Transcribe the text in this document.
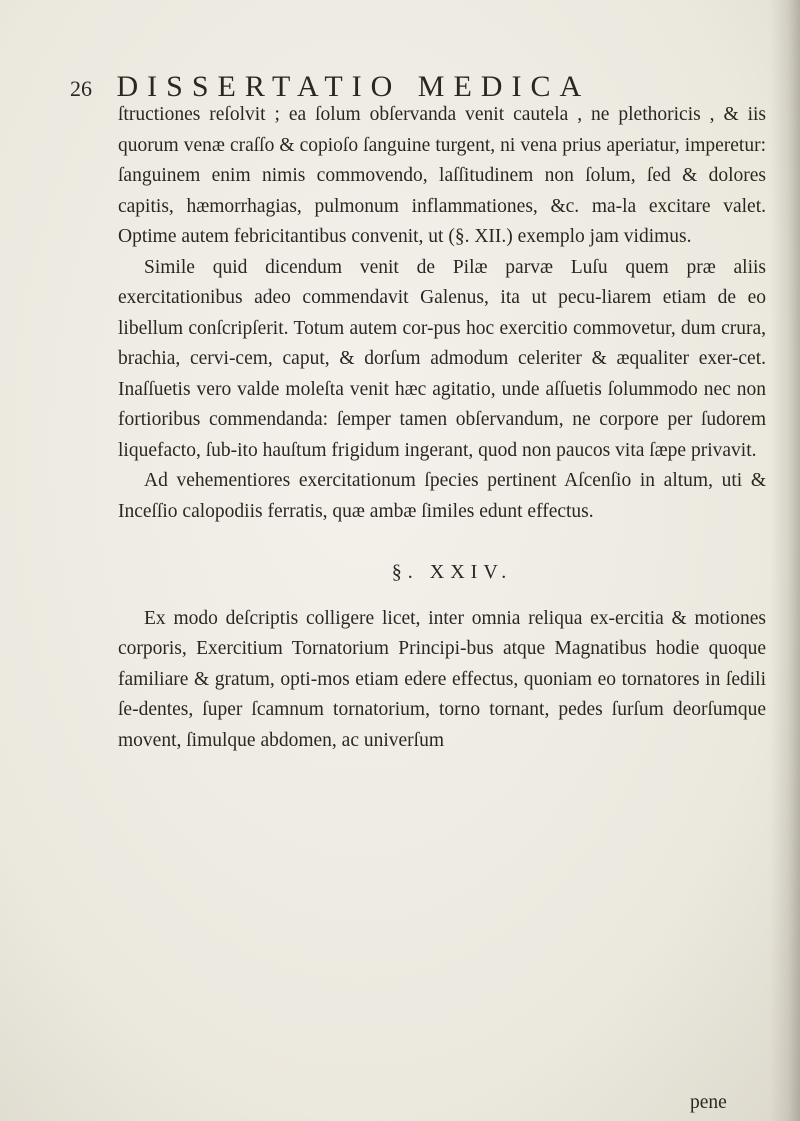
26 DISSERTATIO MEDICA

ſtructiones reſolvit ; ea ſolum obſervanda venit cautela , ne plethoricis , & iis quorum venæ craſſo & copioſo ſanguine turgent, ni vena prius aperiatur, imperetur: ſanguinem enim nimis commovendo, laſſitudinem non ſolum, ſed & dolores capitis, hæmorrhagias, pulmonum inflammationes, &c. ma-la excitare valet. Optime autem febricitantibus convenit, ut (§. XII.) exemplo jam vidimus.

Simile quid dicendum venit de Pilæ parvæ Luſu quem præ aliis exercitationibus adeo commendavit Galenus, ita ut pecu-liarem etiam de eo libellum conſcripſerit. Totum autem cor-pus hoc exercitio commovetur, dum crura, brachia, cervi-cem, caput, & dorſum admodum celeriter & æqualiter exer-cet. Inaſſuetis vero valde moleſta venit hæc agitatio, unde aſſuetis ſolummodo nec non fortioribus commendanda: ſemper tamen obſervandum, ne corpore per ſudorem liquefacto, ſub-ito hauſtum frigidum ingerant, quod non paucos vita ſæpe privavit.

Ad vehementiores exercitationum ſpecies pertinent Aſcenſio in altum, uti & Inceſſio calopodiis ferratis, quæ ambæ ſimiles edunt effectus.

§. XXIV.

Ex modo deſcriptis colligere licet, inter omnia reliqua ex-ercitia & motiones corporis, Exercitium Tornatorium Principi-bus atque Magnatibus hodie quoque familiare & gratum, opti-mos etiam edere effectus, quoniam eo tornatores in ſedili ſe-dentes, ſuper ſcamnum tornatorium, torno tornant, pedes ſurſum deorſumque movent, ſimulque abdomen, ac univerſum

pene
